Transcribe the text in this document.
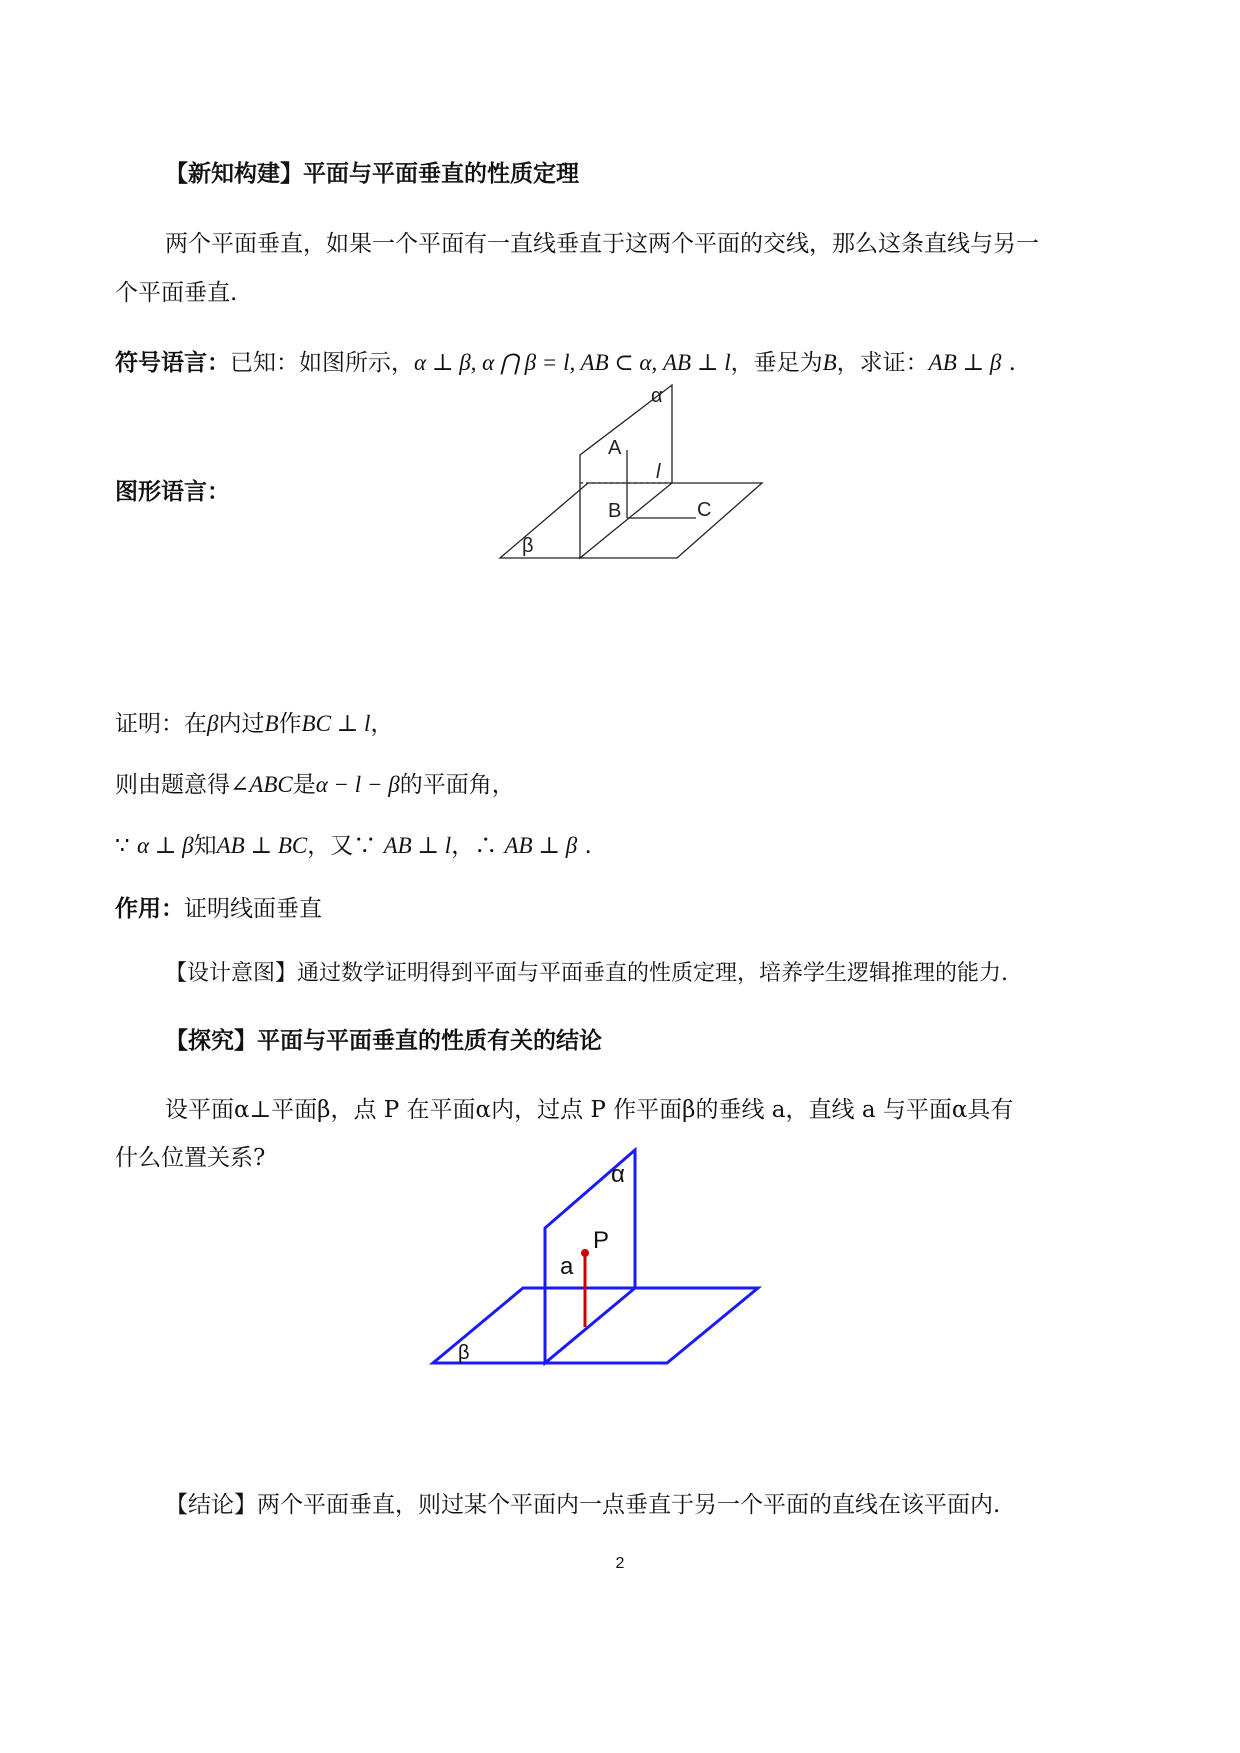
【新知构建】平面与平面垂直的性质定理
两个平面垂直，如果一个平面有一直线垂直于这两个平面的交线，那么这条直线与另一
个平面垂直.
符号语言：已知：如图所示，α ⊥ β, α ⋂ β = l, AB ⊂ α, AB ⊥ l，垂足为B，求证：AB ⊥ β .
图形语言：
α
A
l
B	C
β
证明：在β内过B作BC ⊥ l，
则由题意得∠ABC是α − l − β的平面角，
∵ α ⊥ β知AB ⊥ BC，又∵ AB ⊥ l，∴ AB ⊥ β .
作用：证明线面垂直
【设计意图】通过数学证明得到平面与平面垂直的性质定理，培养学生逻辑推理的能力.
【探究】平面与平面垂直的性质有关的结论
设平面α⊥平面β，点 P 在平面α内，过点 P 作平面β的垂线 a，直线 a 与平面α具有
什么位置关系?
α
P
a
β
【结论】两个平面垂直，则过某个平面内一点垂直于另一个平面的直线在该平面内.
2
